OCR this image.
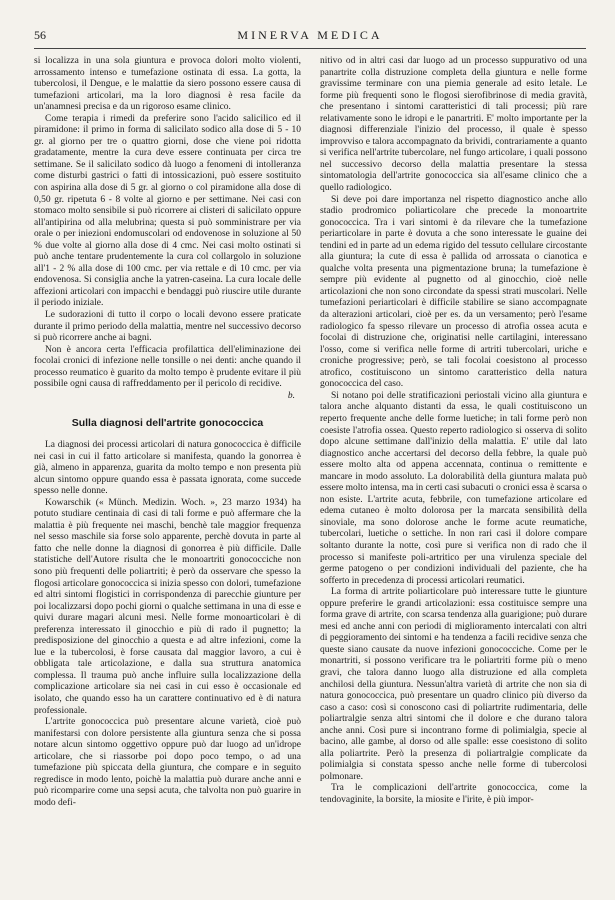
56	MINERVA MEDICA

si localizza in una sola giuntura e provoca dolori molto violenti, arrossamento intenso e tumefazione ostinata di essa. La gotta, la tubercolosi, il Dengue, e le malattie da siero possono essere causa di tumefazioni articolari, ma la loro diagnosi è resa facile da un'anamnesi precisa e da un rigoroso esame clinico.

Come terapia i rimedi da preferire sono l'acido salicilico ed il piramidone: il primo in forma di salicilato sodico alla dose di 5 - 10 gr. al giorno per tre o quattro giorni, dose che viene poi ridotta gradatamente, mentre la cura deve essere continuata per circa tre settimane. Se il salicilato sodico dà luogo a fenomeni di intolleranza come disturbi gastrici o fatti di intossicazioni, può essere sostituito con aspirina alla dose di 5 gr. al giorno o col piramidone alla dose di 0,50 gr. ripetuta 6 - 8 volte al giorno e per settimane. Nei casi con stomaco molto sensibile si può ricorrere ai clisteri di salicilato oppure all'antipirina od alla melubrina; questa si può somministrare per via orale o per iniezioni endomuscolari od endovenose in soluzione al 50 % due volte al giorno alla dose di 4 cmc. Nei casi molto ostinati si può anche tentare prudentemente la cura col collargolo in soluzione all'1 - 2 % alla dose di 100 cmc. per via rettale e di 10 cmc. per via endovenosa. Si consiglia anche la yatren-caseina. La cura locale delle affezioni articolari con impacchi e bendaggi può riuscire utile durante il periodo iniziale.

Le sudorazioni di tutto il corpo o locali devono essere praticate durante il primo periodo della malattia, mentre nel successivo decorso si può ricorrere anche ai bagni.

Non è ancora certa l'efficacia profilattica dell'eliminazione dei focolai cronici di infezione nelle tonsille o nei denti: anche quando il processo reumatico è guarito da molto tempo è prudente evitare il più possibile ogni causa di raffreddamento per il pericolo di recidive.

b.
Sulla diagnosi dell'artrite gonococcica

La diagnosi dei processi articolari di natura gonococcica è difficile nei casi in cui il fatto articolare si manifesta, quando la gonorrea è già, almeno in apparenza, guarita da molto tempo e non presenta più alcun sintomo oppure quando essa è passata ignorata, come succede spesso nelle donne.

Kowarschik (« Münch. Medizin. Woch. », 23 marzo 1934) ha potuto studiare centinaia di casi di tali forme e può affermare che la malattia è più frequente nei maschi, benchè tale maggior frequenza nel sesso maschile sia forse solo apparente, perchè dovuta in parte al fatto che nelle donne la diagnosi di gonorrea è più difficile. Dalle statistiche dell'Autore risulta che le monoartriti gonococciche non sono più frequenti delle poliartriti; è però da osservare che spesso la flogosi articolare gonococcica si inizia spesso con dolori, tumefazione ed altri sintomi flogistici in corrispondenza di parecchie giunture per poi localizzarsi dopo pochi giorni o qualche settimana in una di esse e quivi durare magari alcuni mesi. Nelle forme monoarticolari è di preferenza interessato il ginocchio e più di rado il pugnetto; la predisposizione del ginocchio a questa e ad altre infezioni, come la lue e la tubercolosi, è forse causata dal maggior lavoro, a cui è obbligata tale articolazione, e dalla sua struttura anatomica complessa. Il trauma può anche influire sulla localizzazione della complicazione articolare sia nei casi in cui esso è occasionale ed isolato, che quando esso ha un carattere continuativo ed è di natura professionale.

L'artrite gonococcica può presentare alcune varietà, cioè può manifestarsi con dolore persistente alla giuntura senza che si possa notare alcun sintomo oggettivo oppure può dar luogo ad un'idrope articolare, che si riassorbe poi dopo poco tempo, o ad una tumefazione più spiccata della giuntura, che compare e in seguito regredisce in modo lento, poichè la malattia può durare anche anni e può ricomparire come una sepsi acuta, che talvolta non può guarire in modo defi-

nitivo od in altri casi dar luogo ad un processo suppurativo od una panartrite colla distruzione completa della giuntura e nelle forme gravissime terminare con una piemia generale ad esito letale. Le forme più frequenti sono le flogosi sierofibrinose di media gravità, che presentano i sintomi caratteristici di tali processi; più rare relativamente sono le idropi e le panartriti. E' molto importante per la diagnosi differenziale l'inizio del processo, il quale è spesso improvviso e talora accompagnato da brividi, contrariamente a quanto si verifica nell'artrite tubercolare, nel fungo articolare, i quali possono nel successivo decorso della malattia presentare la stessa sintomatologia dell'artrite gonococcica sia all'esame clinico che a quello radiologico.

Si deve poi dare importanza nel rispetto diagnostico anche allo stadio prodromico poliarticolare che precede la monoartrite gonococcica. Tra i vari sintomi è da rilevare che la tumefazione periarticolare in parte è dovuta a che sono interessate le guaine dei tendini ed in parte ad un edema rigido del tessuto cellulare circostante alla giuntura; la cute di essa è pallida od arrossata o cianotica e qualche volta presenta una pigmentazione bruna; la tumefazione è sempre più evidente al pugnetto od al ginocchio, cioè nelle articolazioni che non sono circondate da spessi strati muscolari. Nelle tumefazioni periarticolari è difficile stabilire se siano accompagnate da alterazioni articolari, cioè per es. da un versamento; però l'esame radiologico fa spesso rilevare un processo di atrofia ossea acuta e focolai di distruzione che, originatisi nelle cartilagini, interessano l'osso, come si verifica nelle forme di artriti tubercolari, uriche e croniche progressive; però, se tali focolai coesistono al processo atrofico, costituiscono un sintomo caratteristico della natura gonococcica del caso.

Si notano poi delle stratificazioni periostali vicino alla giuntura e talora anche alquanto distanti da essa, le quali costituiscono un reperto frequente anche delle forme luetiche; in tali forme però non coesiste l'atrofia ossea. Questo reperto radiologico si osserva di solito dopo alcune settimane dall'inizio della malattia. E' utile dal lato diagnostico anche accertarsi del decorso della febbre, la quale può essere molto alta od appena accennata, continua o remittente e mancare in modo assoluto. La dolorabilità della giuntura malata può essere molto intensa, ma in certi casi subacuti o cronici essa è scarsa o non esiste. L'artrite acuta, febbrile, con tumefazione articolare ed edema cutaneo è molto dolorosa per la marcata sensibilità della sinoviale, ma sono dolorose anche le forme acute reumatiche, tubercolari, luetiche o settiche. In non rari casi il dolore compare soltanto durante la notte, così pure si verifica non di rado che il processo si manifeste poli-artritico per una virulenza speciale del germe patogeno o per condizioni individuali del paziente, che ha sofferto in precedenza di processi articolari reumatici.

La forma di artrite poliarticolare può interessare tutte le giunture oppure preferire le grandi articolazioni: essa costituisce sempre una forma grave di artrite, con scarsa tendenza alla guarigione; può durare mesi ed anche anni con periodi di miglioramento intercalati con altri di peggioramento dei sintomi e ha tendenza a facili recidive senza che queste siano causate da nuove infezioni gonococciche. Come per le monartriti, si possono verificare tra le poliartriti forme più o meno gravi, che talora danno luogo alla distruzione ed alla completa anchilosi della giuntura. Nessun'altra varietà di artrite che non sia di natura gonococcica, può presentare un quadro clinico più diverso da caso a caso: così si conoscono casi di poliartrite rudimentaria, delle poliartralgie senza altri sintomi che il dolore e che durano talora anche anni. Così pure si incontrano forme di polimialgia, specie al bacino, alle gambe, al dorso od alle spalle: esse coesistono di solito alla poliartrite. Però la presenza di poliartralgie complicate da polimialgia si constata spesso anche nelle forme di tubercolosi polmonare.

Tra le complicazioni dell'artrite gonococcica, come la tendovaginite, la borsite, la miosite e l'irite, è più impor-
